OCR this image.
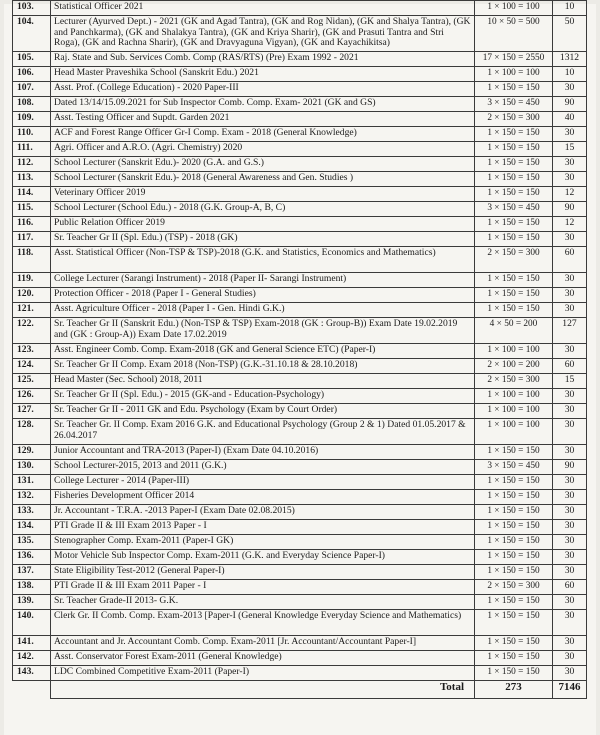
103.	Statistical Officer 2021	1 × 100 = 100	10
104.	Lecturer (Ayurved Dept.) - 2021 (GK and Agad Tantra), (GK and Rog Nidan), (GK and Shalya Tantra), (GK and Panchkarma), (GK and Shalakya Tantra), (GK and Kriya Sharir), (GK and Prasuti Tantra and Stri Roga), (GK and Rachna Sharir), (GK and Dravyaguna Vigyan), (GK and Kayachikitsa)	10 × 50 = 500	50
105.	Raj. State and Sub. Services Comb. Comp (RAS/RTS) (Pre) Exam 1992 - 2021	17 × 150 = 2550	1312
106.	Head Master Praveshika School (Sanskrit Edu.) 2021	1 × 100 = 100	10
107.	Asst. Prof. (College Education) - 2020 Paper-III	1 × 150 = 150	30
108.	Dated 13/14/15.09.2021 for Sub Inspector Comb. Comp. Exam- 2021 (GK and GS)	3 × 150 = 450	90
109.	Asst. Testing Officer and Supdt. Garden 2021	2 × 150 = 300	40
110.	ACF and Forest Range Officer Gr-I Comp. Exam - 2018 (General Knowledge)	1 × 150 = 150	30
111.	Agri. Officer and A.R.O. (Agri. Chemistry) 2020	1 × 150 = 150	15
112.	School Lecturer (Sanskrit Edu.)- 2020 (G.A. and G.S.)	1 × 150 = 150	30
113.	School Lecturer (Sanskrit Edu.)- 2018 (General Awareness and Gen. Studies )	1 × 150 = 150	30
114.	Veterinary Officer 2019	1 × 150 = 150	12
115.	School Lecturer (School Edu.) - 2018 (G.K. Group-A, B, C)	3 × 150 = 450	90
116.	Public Relation Officer 2019	1 × 150 = 150	12
117.	Sr. Teacher Gr II (Spl. Edu.) (TSP) - 2018 (GK)	1 × 150 = 150	30
118.	Asst. Statistical Officer (Non-TSP & TSP)-2018 (G.K. and Statistics, Economics and Mathematics)	2 × 150 = 300	60
119.	College Lecturer (Sarangi Instrument) - 2018 (Paper II- Sarangi Instrument)	1 × 150 = 150	30
120.	Protection Officer - 2018 (Paper I - General Studies)	1 × 150 = 150	30
121.	Asst. Agriculture Officer - 2018 (Paper I - Gen. Hindi G.K.)	1 × 150 = 150	30
122.	Sr. Teacher Gr II (Sanskrit Edu.) (Non-TSP & TSP) Exam-2018 (GK : Group-B)) Exam Date 19.02.2019 and (GK : Group-A)) Exam Date 17.02.2019	4 × 50 = 200	127
123.	Asst. Engineer Comb. Comp. Exam-2018 (GK and General Science ETC) (Paper-I)	1 × 100 = 100	30
124.	Sr. Teacher Gr II Comp. Exam 2018 (Non-TSP) (G.K.-31.10.18 & 28.10.2018)	2 × 100 = 200	60
125.	Head Master (Sec. School) 2018, 2011	2 × 150 = 300	15
126.	Sr. Teacher Gr II (Spl. Edu.) - 2015 (GK-and - Education-Psychology)	1 × 100 = 100	30
127.	Sr. Teacher Gr II - 2011 GK and Edu. Psychology (Exam by Court Order)	1 × 100 = 100	30
128.	Sr. Teacher Gr. II Comp. Exam 2016 G.K. and Educational Psychology (Group 2 & 1) Dated 01.05.2017 & 26.04.2017	1 × 100 = 100	30
129.	Junior Accountant and TRA-2013 (Paper-I) (Exam Date 04.10.2016)	1 × 150 = 150	30
130.	School Lecturer-2015, 2013 and 2011 (G.K.)	3 × 150 = 450	90
131.	College Lecturer - 2014 (Paper-III)	1 × 150 = 150	30
132.	Fisheries Development Officer 2014	1 × 150 = 150	30
133.	Jr. Accountant - T.R.A. -2013 Paper-I (Exam Date 02.08.2015)	1 × 150 = 150	30
134.	PTI Grade II & III Exam 2013 Paper - I	1 × 150 = 150	30
135.	Stenographer Comp. Exam-2011 (Paper-I GK)	1 × 150 = 150	30
136.	Motor Vehicle Sub Inspector Comp. Exam-2011 (G.K. and Everyday Science Paper-I)	1 × 150 = 150	30
137.	State Eligibility Test-2012 (General Paper-I)	1 × 150 = 150	30
138.	PTI Grade II & III Exam 2011 Paper - I	2 × 150 = 300	60
139.	Sr. Teacher Grade-II 2013- G.K.	1 × 150 = 150	30
140.	Clerk Gr. II Comb. Comp. Exam-2013 [Paper-I (General Knowledge Everyday Science and Mathematics)	1 × 150 = 150	30
141.	Accountant and Jr. Accountant Comb. Comp. Exam-2011 [Jr. Accountant/Accountant Paper-I]	1 × 150 = 150	30
142.	Asst. Conservator Forest Exam-2011 (General Knowledge)	1 × 150 = 150	30
143.	LDC Combined Competitive Exam-2011 (Paper-I)	1 × 150 = 150	30
	Total	273	7146
